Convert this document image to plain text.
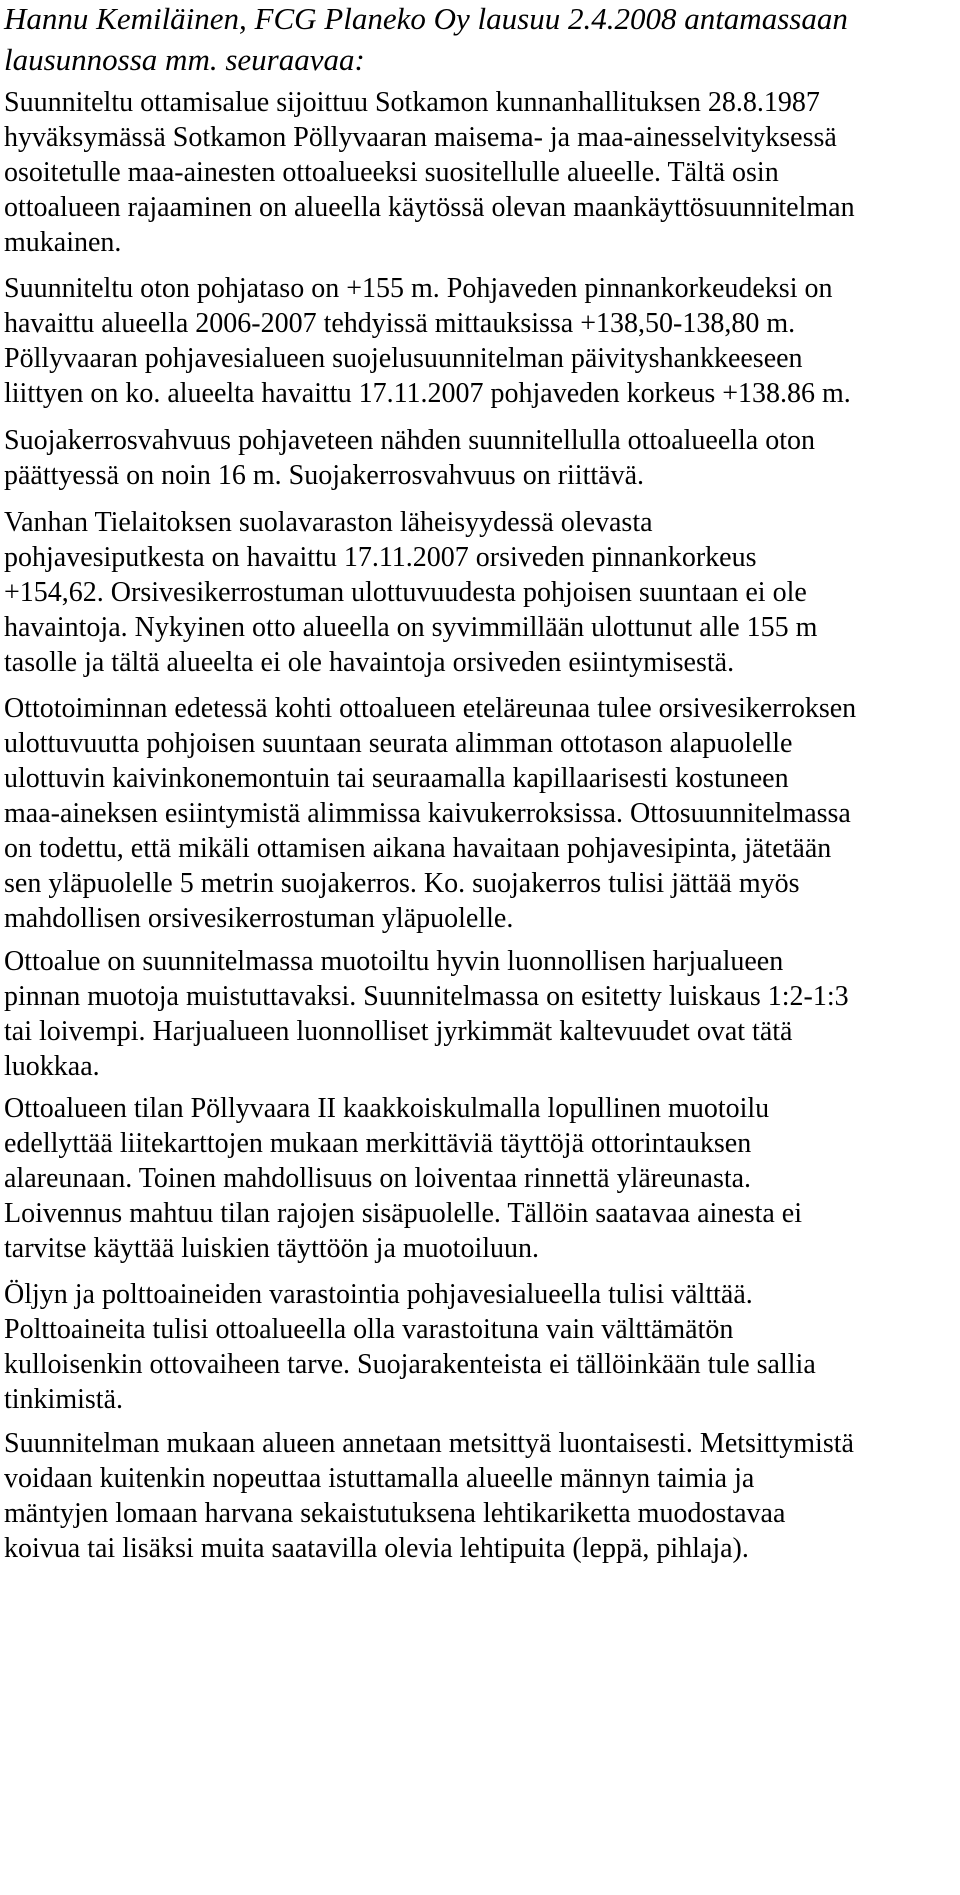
Hannu Kemiläinen, FCG Planeko Oy lausuu 2.4.2008 antamassaan
lausunnossa mm. seuraavaa:
Suunniteltu ottamisalue sijoittuu Sotkamon kunnanhallituksen 28.8.1987
hyväksymässä Sotkamon Pöllyvaaran maisema- ja maa-ainesselvityksessä
osoitetulle maa-ainesten ottoalueeksi suositellulle alueelle. Tältä osin
ottoalueen rajaaminen on alueella käytössä olevan maankäyttösuunnitelman
mukainen.
Suunniteltu oton pohjataso on +155 m. Pohjaveden pinnankorkeudeksi on
havaittu alueella 2006-2007 tehdyissä mittauksissa +138,50-138,80 m.
Pöllyvaaran pohjavesialueen suojelusuunnitelman päivityshankkeeseen
liittyen on ko. alueelta havaittu 17.11.2007 pohjaveden korkeus +138.86 m.
Suojakerrosvahvuus pohjaveteen nähden suunnitellulla ottoalueella oton
päättyessä on noin 16 m. Suojakerrosvahvuus on riittävä.
Vanhan Tielaitoksen suolavaraston läheisyydessä olevasta
pohjavesiputkesta on havaittu 17.11.2007 orsiveden pinnankorkeus
+154,62. Orsivesikerrostuman ulottuvuudesta pohjoisen suuntaan ei ole
havaintoja. Nykyinen otto alueella on syvimmillään ulottunut alle 155 m
tasolle ja tältä alueelta ei ole havaintoja orsiveden esiintymisestä.
Ottotoiminnan edetessä kohti ottoalueen eteläreunaa tulee orsivesikerroksen
ulottuvuutta pohjoisen suuntaan seurata alimman ottotason alapuolelle
ulottuvin kaivinkonemontuin tai seuraamalla kapillaarisesti kostuneen
maa-aineksen esiintymistä alimmissa kaivukerroksissa. Ottosuunnitelmassa
on todettu, että mikäli ottamisen aikana havaitaan pohjavesipinta, jätetään
sen yläpuolelle 5 metrin suojakerros. Ko. suojakerros tulisi jättää myös
mahdollisen orsivesikerrostuman yläpuolelle.
Ottoalue on suunnitelmassa muotoiltu hyvin luonnollisen harjualueen
pinnan muotoja muistuttavaksi. Suunnitelmassa on esitetty luiskaus 1:2-1:3
tai loivempi. Harjualueen luonnolliset jyrkimmät kaltevuudet ovat tätä
luokkaa.
Ottoalueen tilan Pöllyvaara II kaakkoiskulmalla lopullinen muotoilu
edellyttää liitekarttojen mukaan merkittäviä täyttöjä ottorintauksen
alareunaan. Toinen mahdollisuus on loiventaa rinnettä yläreunasta.
Loivennus mahtuu tilan rajojen sisäpuolelle. Tällöin saatavaa ainesta ei
tarvitse käyttää luiskien täyttöön ja muotoiluun.
Öljyn ja polttoaineiden varastointia pohjavesialueella tulisi välttää.
Polttoaineita tulisi ottoalueella olla varastoituna vain välttämätön
kulloisenkin ottovaiheen tarve. Suojarakenteista ei tällöinkään tule sallia
tinkimistä.
Suunnitelman mukaan alueen annetaan metsittyä luontaisesti. Metsittymistä
voidaan kuitenkin nopeuttaa istuttamalla alueelle männyn taimia ja
mäntyjen lomaan harvana sekaistutuksena lehtikariketta muodostavaa
koivua tai lisäksi muita saatavilla olevia lehtipuita (leppä, pihlaja).
